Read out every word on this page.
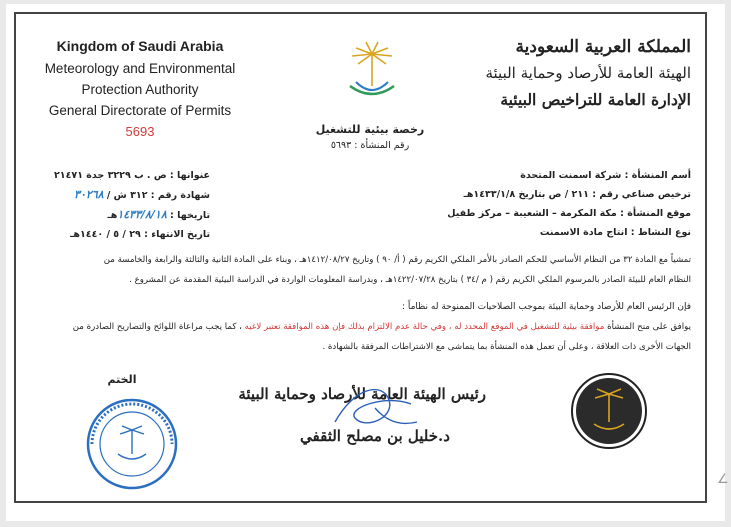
Kingdom of Saudi Arabia
Meteorology and Environmental
Protection Authority
General Directorate of Permits
5693
المملكة العربية السعودية
الهيئة العامة للأرصاد وحماية البيئة
الإدارة العامة للتراخيص البيئية
رخصة بيئية للتشغيل
رقم المنشأة : ٥٦٩٣
أسم المنشأة : شركة اسمنت المتحدة
ترخيص صناعي رقم : ٢١١ / ص بتاريخ ١٤٣٣/١/٨هـ
موقع المنشأة : مكة المكرمة – الشعيبة – مركز طفيل
نوع النشاط : انتاج مادة الاسمنت
عنوانها : ص . ب ٣٢٢٩ جدة ٢١٤٧١
شهادة رقم : ٣١٢ ش / ٣٠٢٦٨
تاريخها : ١٤٣٣/٨/١٨هـ
تاريخ الانتهاء : ٢٩ / ٥ / ١٤٤٠هـ
تمشياً مع المادة ٣٢ من النظام الأساسي للحكم الصادر بالأمر الملكي الكريم رقم ( أ/ ٩٠ ) وتاريخ ١٤١٢/٠٨/٢٧هـ ، وبناء على المادة الثانية والثالثة والرابعة والخامسة من
النظام العام للبيئة الصادر بالمرسوم الملكي الكريم رقم ( م /٣٤ ) بتاريخ ١٤٢٢/٠٧/٢٨هـ ، وبدراسة المعلومات الواردة في الدراسة البيئية المقدمة عن المشروع .
فإن الرئيس العام للأرصاد وحماية البيئة بموجب الصلاحيات الممنوحة له نظاماً :
يوافق على منح المنشأة موافقة بيئية للتشغيل في الموقع المحدد له ، وفي حالة عدم الالتزام بذلك فإن هذه الموافقة تعتبر لاغيه ، كما يجب مراعاة اللوائح والتصاريح الصادرة من
الجهات الأخرى ذات العلاقة ، وعلى أن تعمل هذه المنشأة بما يتماشى مع الاشتراطات المرفقة بالشهادة .
الختم
رئيس الهيئة العامة للأرصاد وحماية البيئة
د.خليل بن مصلح الثقفي
∠
